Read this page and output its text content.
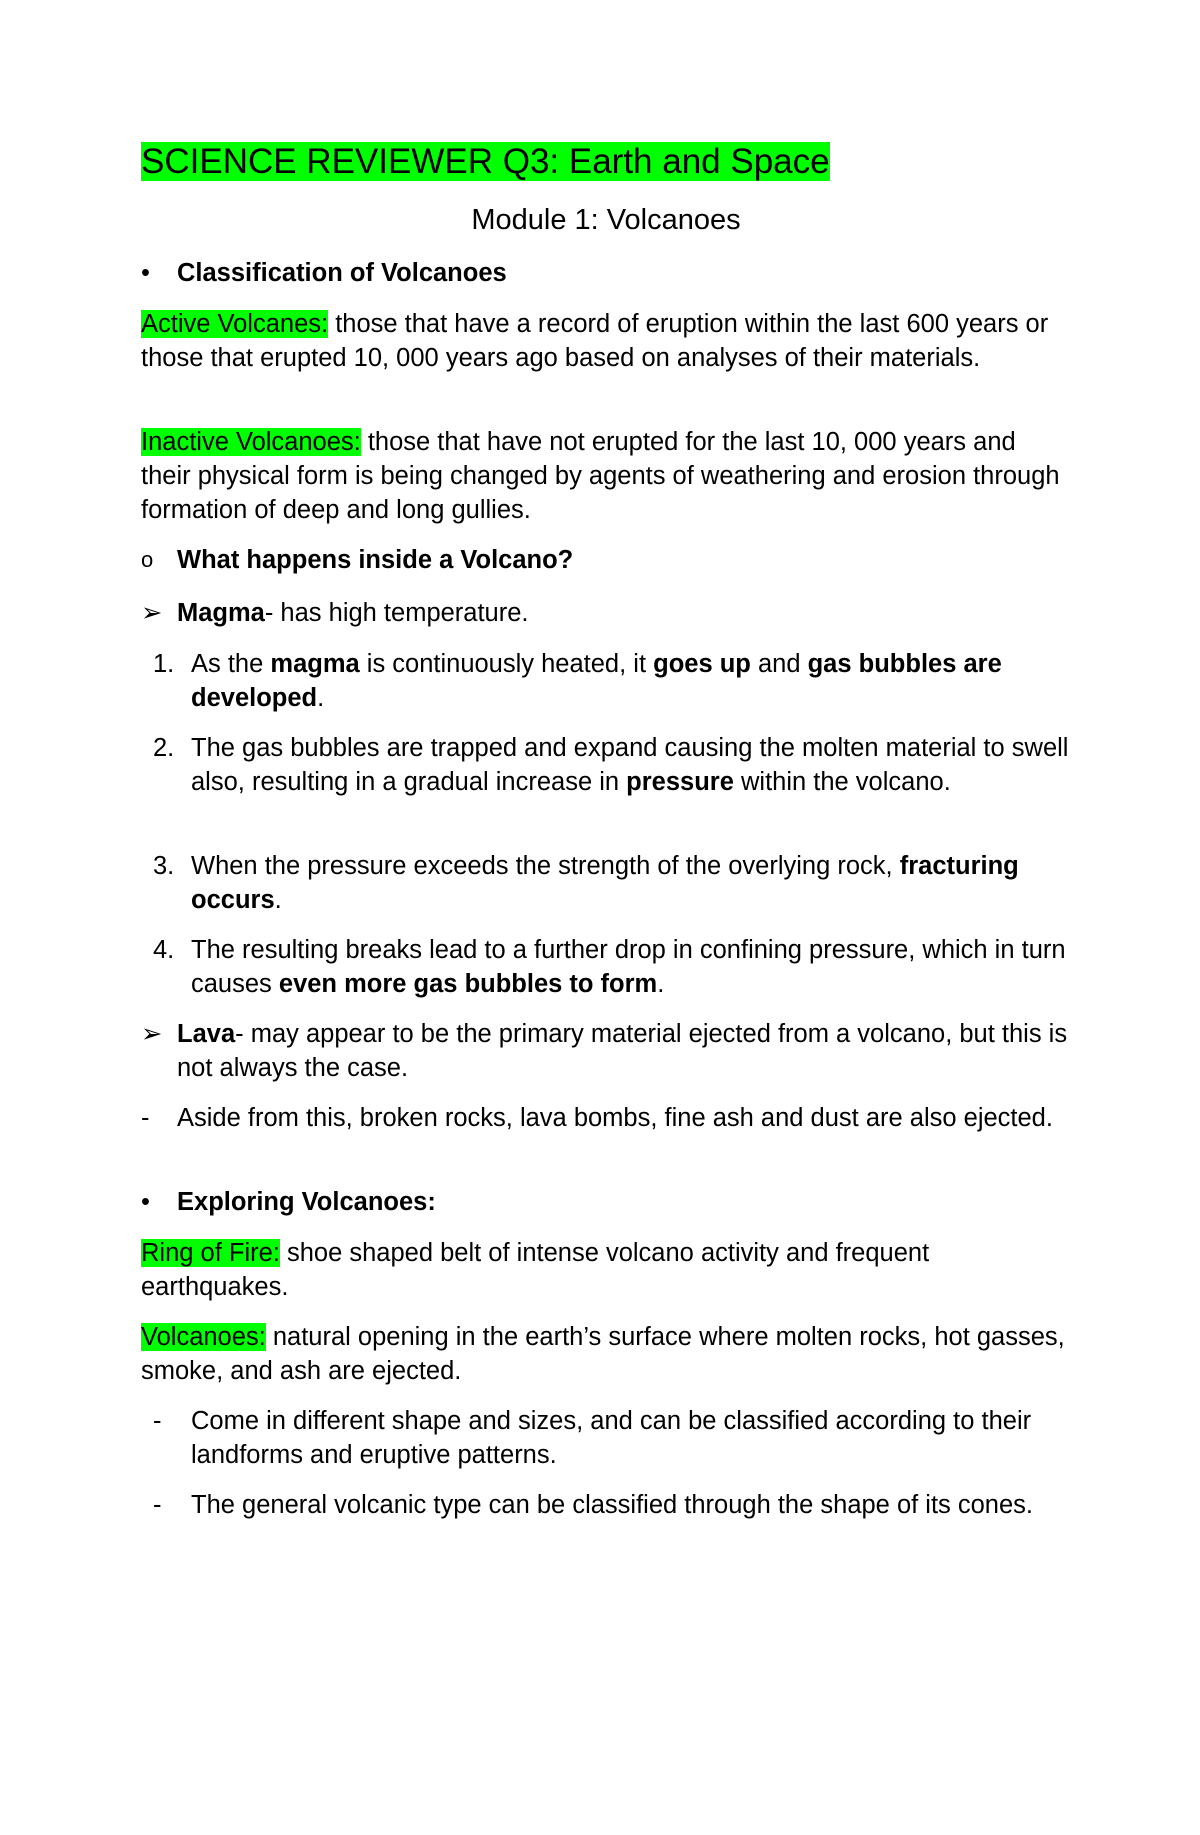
SCIENCE REVIEWER Q3: Earth and Space
Module 1: Volcanoes
•	Classification of Volcanoes
Active Volcanes: those that have a record of eruption within the last 600 years or those that erupted 10, 000 years ago based on analyses of their materials.
Inactive Volcanoes: those that have not erupted for the last 10, 000 years and their physical form is being changed by agents of weathering and erosion through formation of deep and long gullies.
o What happens inside a Volcano?
➢ Magma- has high temperature.
1. As the magma is continuously heated, it goes up and gas bubbles are developed.
2. The gas bubbles are trapped and expand causing the molten material to swell also, resulting in a gradual increase in pressure within the volcano.
3. When the pressure exceeds the strength of the overlying rock, fracturing occurs.
4. The resulting breaks lead to a further drop in confining pressure, which in turn causes even more gas bubbles to form.
➢ Lava- may appear to be the primary material ejected from a volcano, but this is not always the case.
-	Aside from this, broken rocks, lava bombs, fine ash and dust are also ejected.
•	Exploring Volcanoes:
Ring of Fire: shoe shaped belt of intense volcano activity and frequent earthquakes.
Volcanoes: natural opening in the earth’s surface where molten rocks, hot gasses, smoke, and ash are ejected.
-	Come in different shape and sizes, and can be classified according to their landforms and eruptive patterns.
-	The general volcanic type can be classified through the shape of its cones.
